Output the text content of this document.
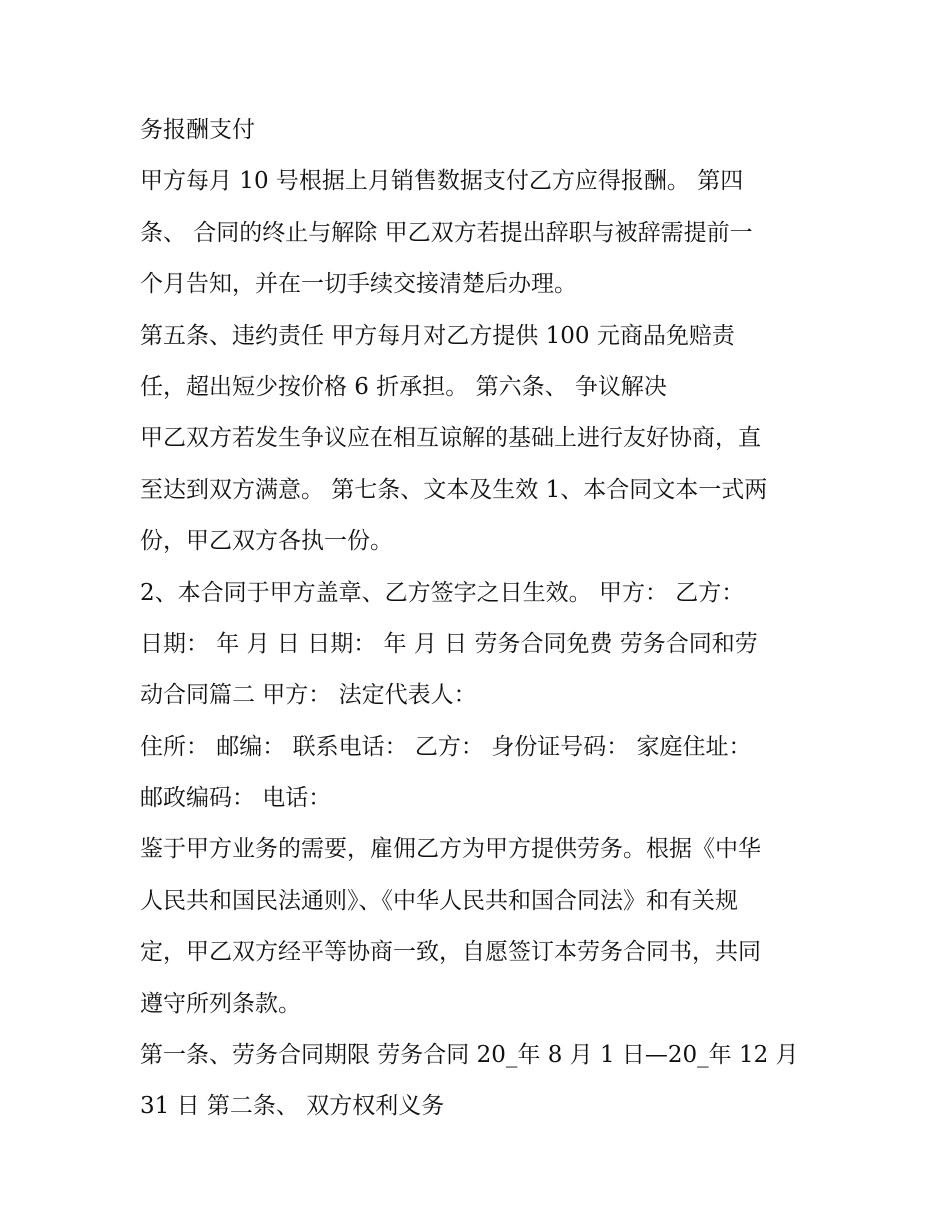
务报酬支付
甲方每月 10 号根据上月销售数据支付乙方应得报酬。 第四
条、 合同的终止与解除 甲乙双方若提出辞职与被辞需提前一
个月告知，并在一切手续交接清楚后办理。
第五条、违约责任 甲方每月对乙方提供 100 元商品免赔责
任，超出短少按价格 6 折承担。 第六条、 争议解决
甲乙双方若发生争议应在相互谅解的基础上进行友好协商，直
至达到双方满意。 第七条、文本及生效 1、本合同文本一式两
份，甲乙双方各执一份。
2、本合同于甲方盖章、乙方签字之日生效。 甲方： 乙方：
日期： 年 月 日 日期： 年 月 日 劳务合同免费 劳务合同和劳
动合同篇二 甲方： 法定代表人：
住所： 邮编： 联系电话： 乙方： 身份证号码： 家庭住址：
邮政编码： 电话：
鉴于甲方业务的需要，雇佣乙方为甲方提供劳务。根据《中华
人民共和国民法通则》、《中华人民共和国合同法》和有关规
定，甲乙双方经平等协商一致，自愿签订本劳务合同书，共同
遵守所列条款。
第一条、劳务合同期限 劳务合同 20_年 8 月 1 日—20_年 12 月
31 日 第二条、 双方权利义务
